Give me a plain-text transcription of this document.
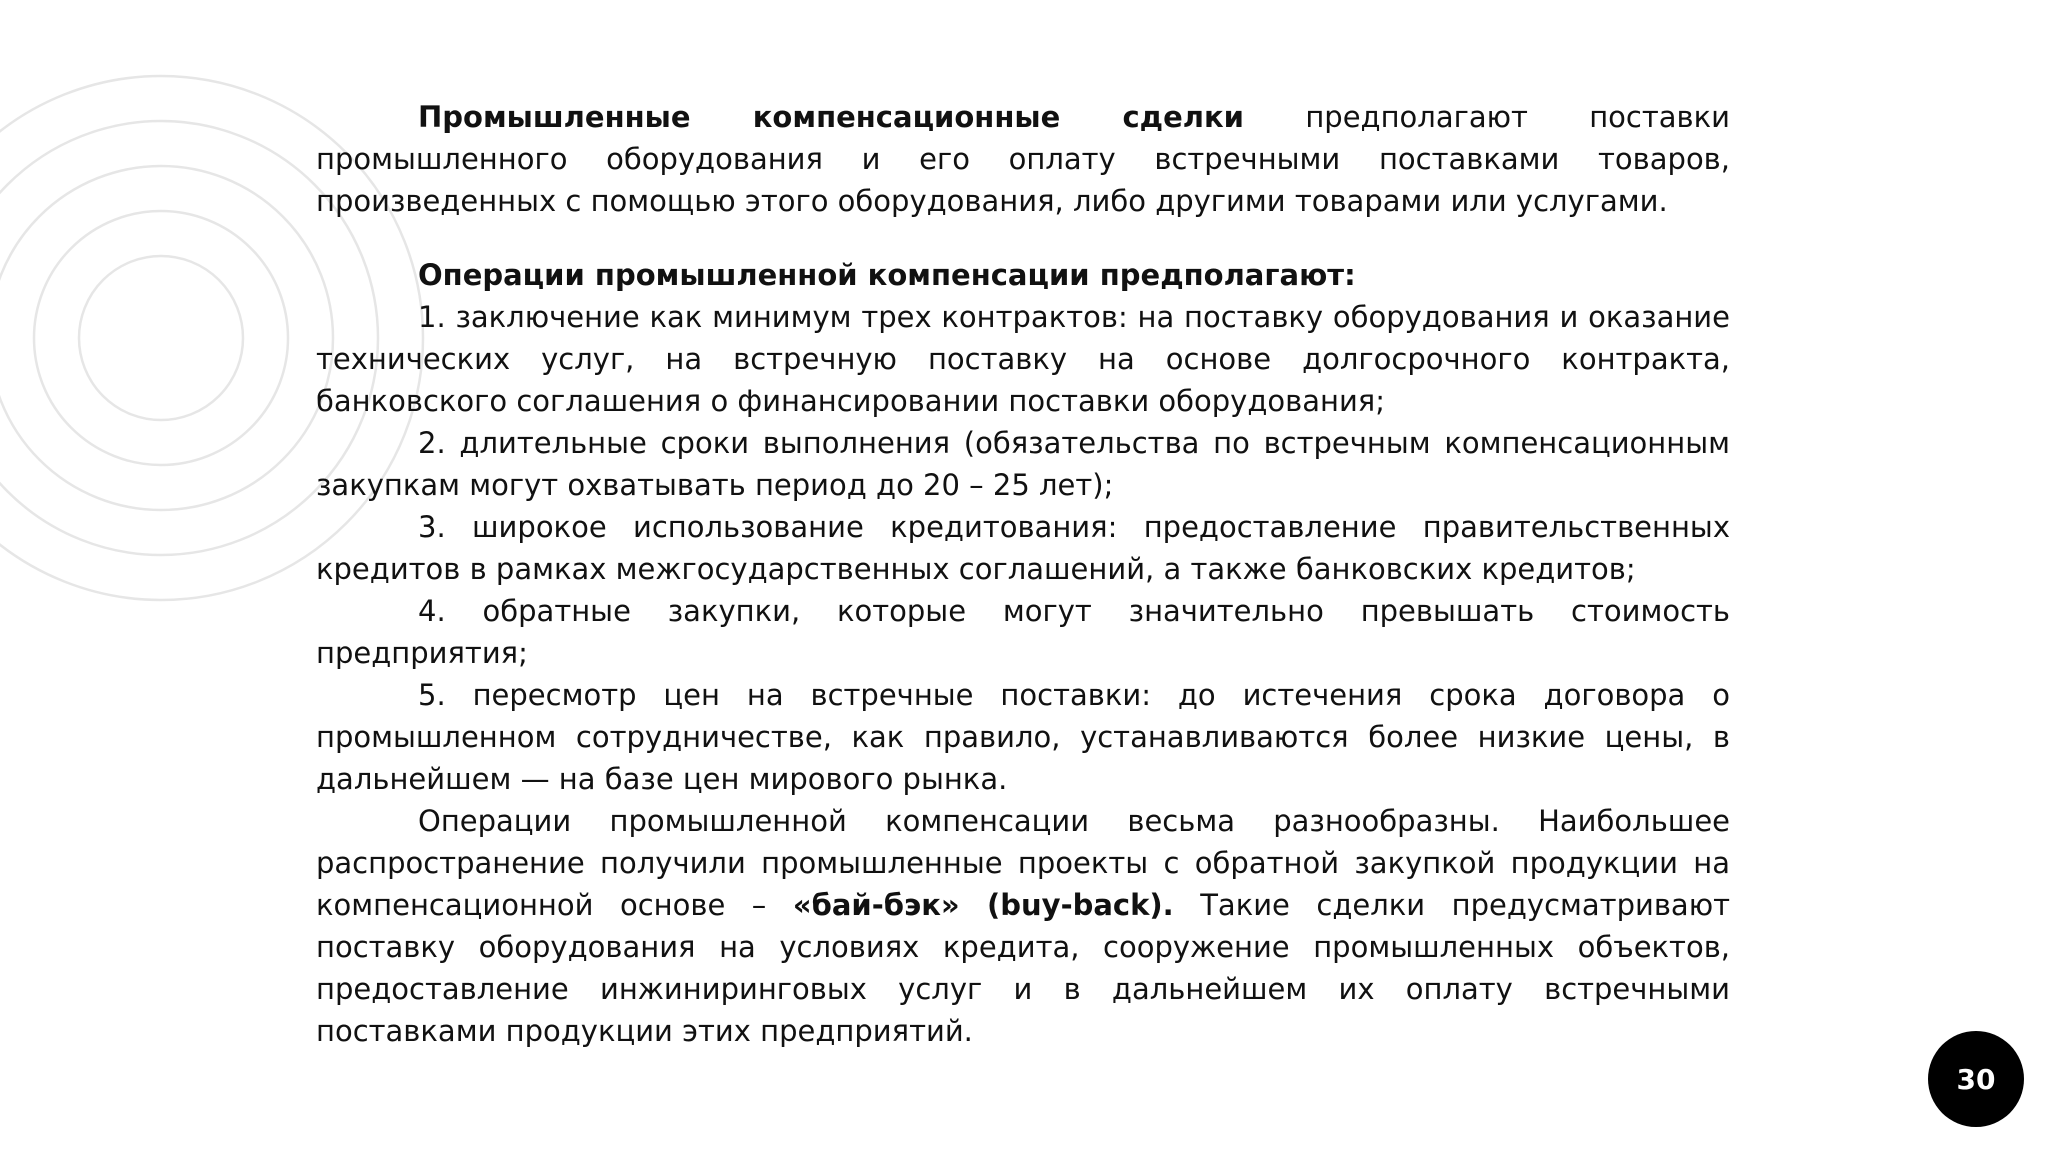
Промышленные компенсационные сделки предполагают поставки промышленного оборудования и его оплату встречными поставками товаров, произведенных с помощью этого оборудования, либо другими товарами или услугами.

Операции промышленной компенсации предполагают:

1. заключение как минимум трех контрактов: на поставку оборудования и оказание технических услуг, на встречную поставку на основе долгосрочного контракта, банковского соглашения о финансировании поставки оборудования;

2. длительные сроки выполнения (обязательства по встречным компенсационным закупкам могут охватывать период до 20 – 25 лет);

3. широкое использование кредитования: предоставление правительственных кредитов в рамках межгосударственных соглашений, а также банковских кредитов;

4. обратные закупки, которые могут значительно превышать стоимость предприятия;

5. пересмотр цен на встречные поставки: до истечения срока договора о промышленном сотрудничестве, как правило, устанавливаются более низкие цены, в дальнейшем — на базе цен мирового рынка.

Операции промышленной компенсации весьма разнообразны. Наибольшее распространение получили промышленные проекты с обратной закупкой продукции на компенсационной основе – «бай-бэк» (buy-back). Такие сделки предусматривают поставку оборудования на условиях кредита, сооружение промышленных объектов, предоставление инжиниринговых услуг и в дальнейшем их оплату встречными поставками продукции этих предприятий.

30
